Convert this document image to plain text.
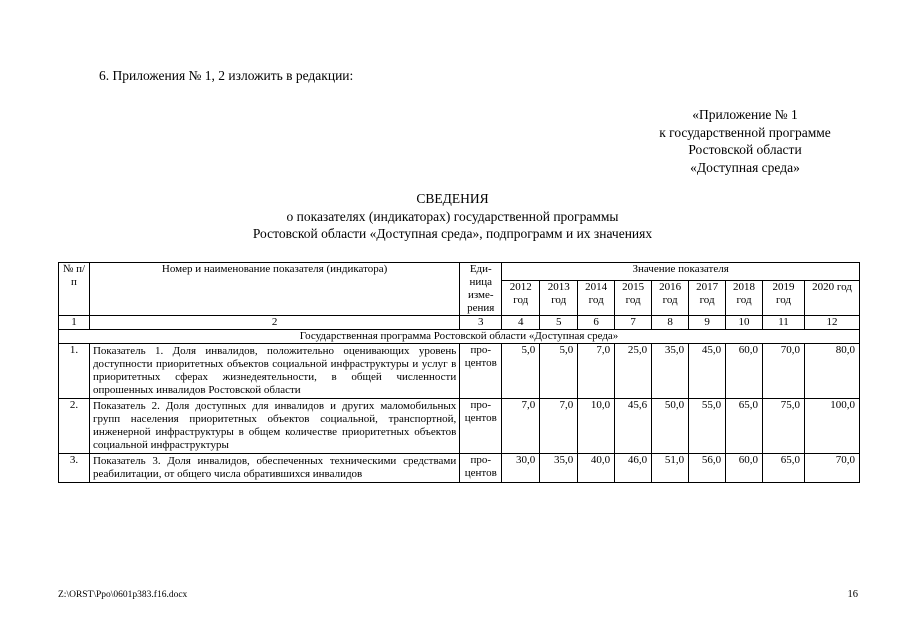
6. Приложения № 1, 2 изложить в редакции:
«Приложение № 1
к государственной программе
Ростовской области
«Доступная среда»
СВЕДЕНИЯ
о показателях (индикаторах) государственной программы
Ростовской области «Доступная среда», подпрограмм и их значениях
№ п/п	Номер и наименование показателя (индикатора)	Еди- ница изме- рения	Значение показателя								
			2012 год	2013 год	2014 год	2015 год	2016 год	2017 год	2018 год	2019 год	2020 год
1	2	3	4	5	6	7	8	9	10	11	12
Государственная программа Ростовской области «Доступная среда»											
1.	Показатель 1. Доля инвалидов, положительно оценивающих уровень доступности приоритетных объектов социальной инфраструктуры и услуг в приоритетных сферах жизнедеятельности, в общей численности опрошенных инвалидов Ростовской области	про- центов	5,0	5,0	7,0	25,0	35,0	45,0	60,0	70,0	80,0
2.	Показатель 2. Доля доступных для инвалидов и других маломобильных групп населения приоритетных объектов социальной, транспортной, инженерной инфраструктуры в общем количестве приоритетных объектов социальной инфраструктуры	про- центов	7,0	7,0	10,0	45,6	50,0	55,0	65,0	75,0	100,0
3.	Показатель 3. Доля инвалидов, обеспеченных техническими средствами реабилитации, от общего числа обратившихся инвалидов	про- центов	30,0	35,0	40,0	46,0	51,0	56,0	60,0	65,0	70,0
Z:\ORST\Ppo\0601p383.f16.docx	16
